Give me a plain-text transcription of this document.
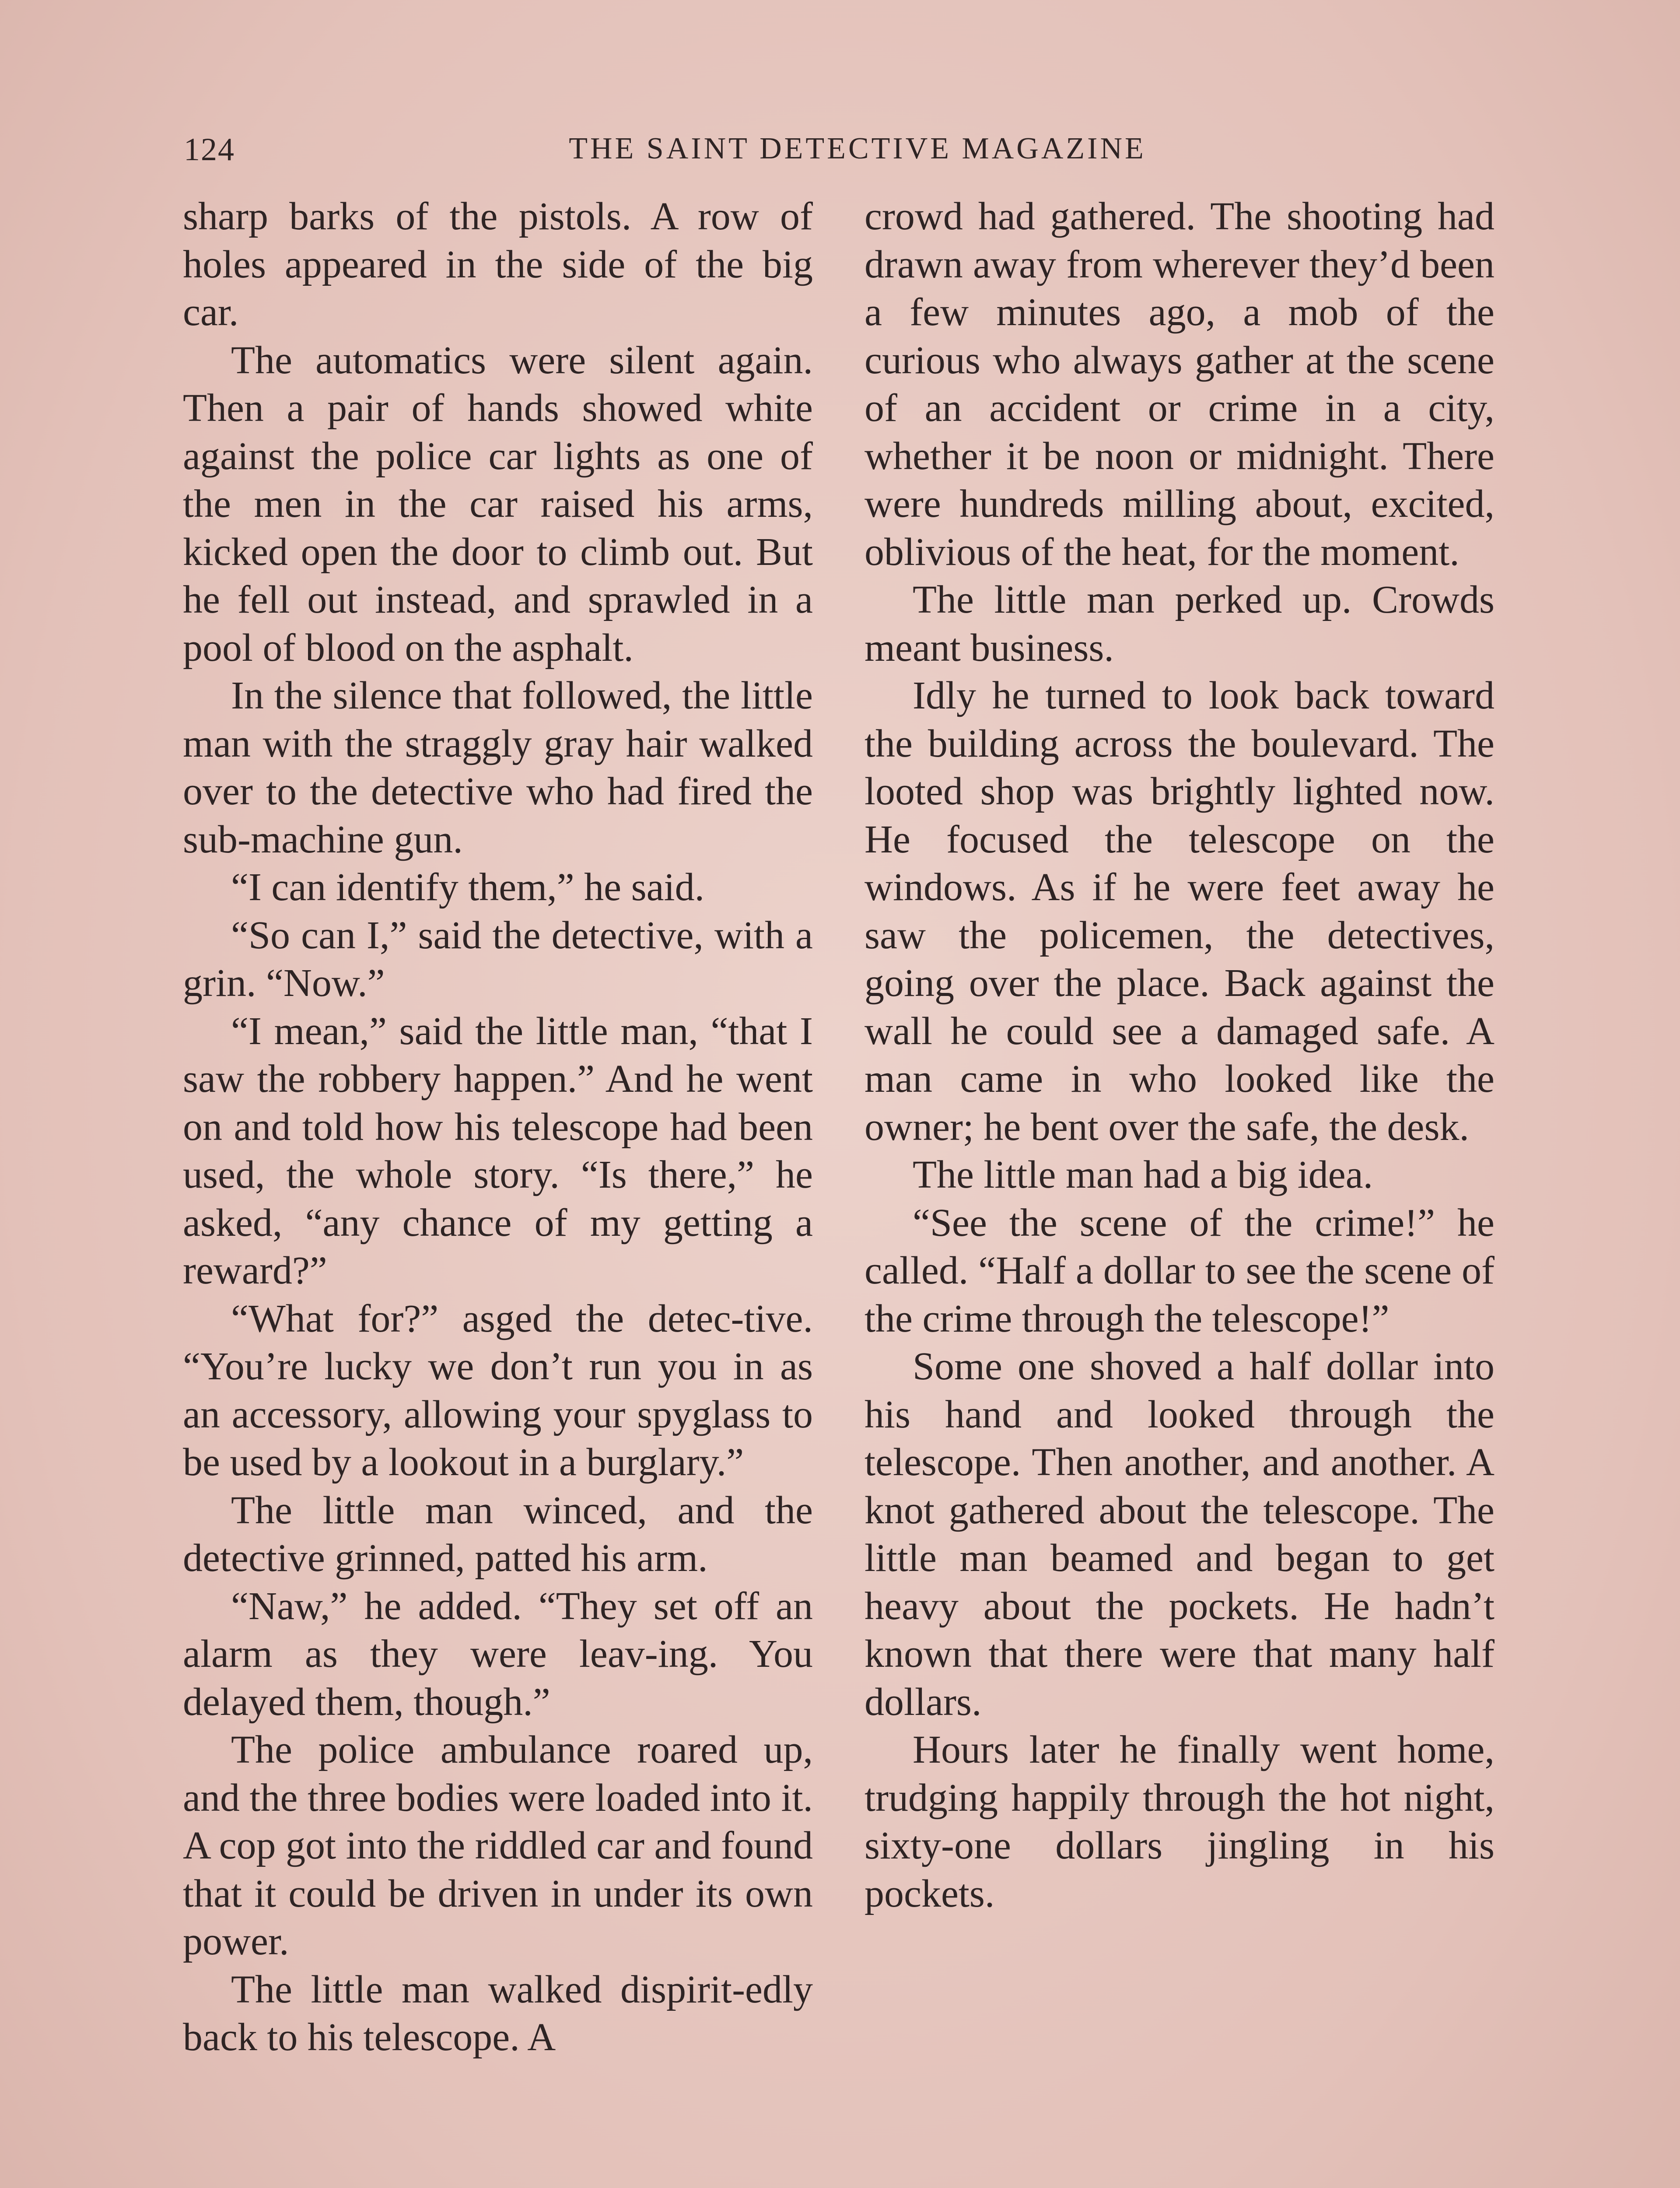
124	THE SAINT DETECTIVE MAGAZINE

sharp barks of the pistols. A row of holes appeared in the side of the big car.

The automatics were silent again. Then a pair of hands showed white against the police car lights as one of the men in the car raised his arms, kicked open the door to climb out. But he fell out instead, and sprawled in a pool of blood on the asphalt.

In the silence that followed, the little man with the straggly gray hair walked over to the detective who had fired the sub-machine gun.

“I can identify them,” he said.

“So can I,” said the detective, with a grin. “Now.”

“I mean,” said the little man, “that I saw the robbery happen.” And he went on and told how his telescope had been used, the whole story. “Is there,” he asked, “any chance of my getting a reward?”

“What for?” asged the detec-tive. “You’re lucky we don’t run you in as an accessory, allowing your spyglass to be used by a lookout in a burglary.”

The little man winced, and the detective grinned, patted his arm.

“Naw,” he added. “They set off an alarm as they were leav-ing. You delayed them, though.”

The police ambulance roared up, and the three bodies were loaded into it. A cop got into the riddled car and found that it could be driven in under its own power.

The little man walked dispirit-edly back to his telescope. A

crowd had gathered. The shooting had drawn away from wherever they’d been a few minutes ago, a mob of the curious who always gather at the scene of an accident or crime in a city, whether it be noon or midnight. There were hundreds milling about, excited, oblivious of the heat, for the moment.

The little man perked up. Crowds meant business.

Idly he turned to look back toward the building across the boulevard. The looted shop was brightly lighted now. He focused the telescope on the windows. As if he were feet away he saw the policemen, the detectives, going over the place. Back against the wall he could see a damaged safe. A man came in who looked like the owner; he bent over the safe, the desk.

The little man had a big idea.

“See the scene of the crime!” he called. “Half a dollar to see the scene of the crime through the telescope!”

Some one shoved a half dollar into his hand and looked through the telescope. Then another, and another. A knot gathered about the telescope. The little man beamed and began to get heavy about the pockets. He hadn’t known that there were that many half dollars.

Hours later he finally went home, trudging happily through the hot night, sixty-one dollars jingling in his pockets.
